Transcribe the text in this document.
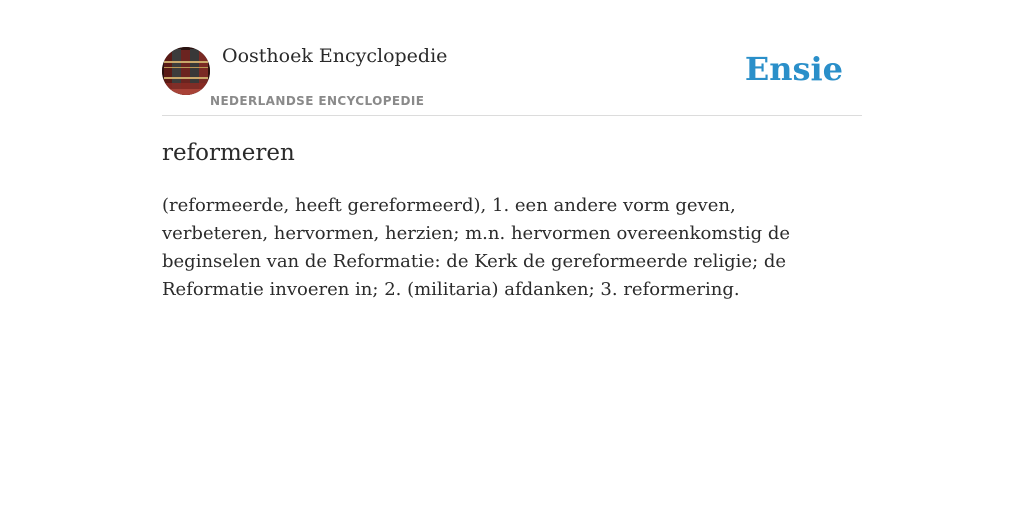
Oosthoek Encyclopedie
NEDERLANDSE ENCYCLOPEDIE
Ensie
reformeren

(reformeerde, heeft gereformeerd), 1. een andere vorm geven, verbeteren, hervormen, herzien; m.n. hervormen overeenkomstig de beginselen van de Reformatie: de Kerk de gereformeerde religie; de Reformatie invoeren in; 2. (militaria) afdanken; 3. reformering.
